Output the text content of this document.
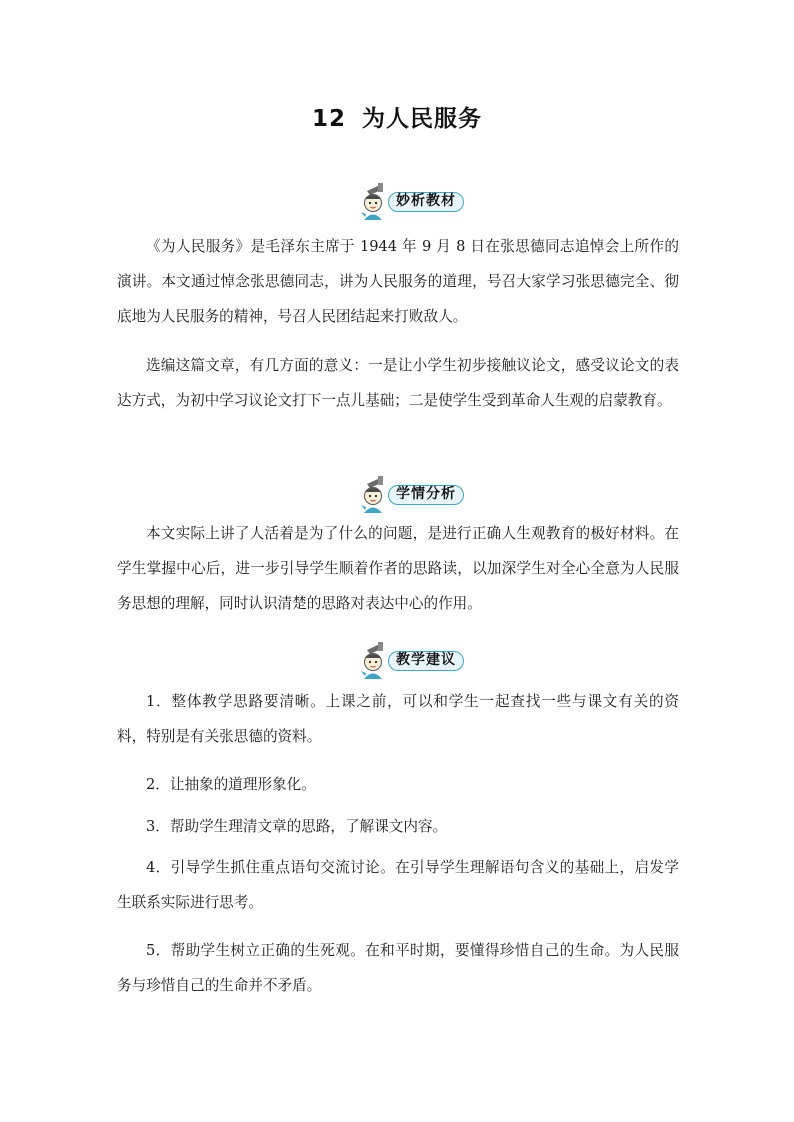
12 为人民服务
妙析教材

《为人民服务》是毛泽东主席于 1944 年 9 月 8 日在张思德同志追悼会上所作的演讲。本文通过悼念张思德同志，讲为人民服务的道理，号召大家学习张思德完全、彻底地为人民服务的精神，号召人民团结起来打败敌人。

选编这篇文章，有几方面的意义：一是让小学生初步接触议论文，感受议论文的表达方式，为初中学习议论文打下一点儿基础；二是使学生受到革命人生观的启蒙教育。

学情分析

本文实际上讲了人活着是为了什么的问题，是进行正确人生观教育的极好材料。在学生掌握中心后，进一步引导学生顺着作者的思路读，以加深学生对全心全意为人民服务思想的理解，同时认识清楚的思路对表达中心的作用。

教学建议

1．整体教学思路要清晰。上课之前，可以和学生一起查找一些与课文有关的资料，特别是有关张思德的资料。

2．让抽象的道理形象化。

3．帮助学生理清文章的思路，了解课文内容。

4．引导学生抓住重点语句交流讨论。在引导学生理解语句含义的基础上，启发学生联系实际进行思考。

5．帮助学生树立正确的生死观。在和平时期，要懂得珍惜自己的生命。为人民服务与珍惜自己的生命并不矛盾。
